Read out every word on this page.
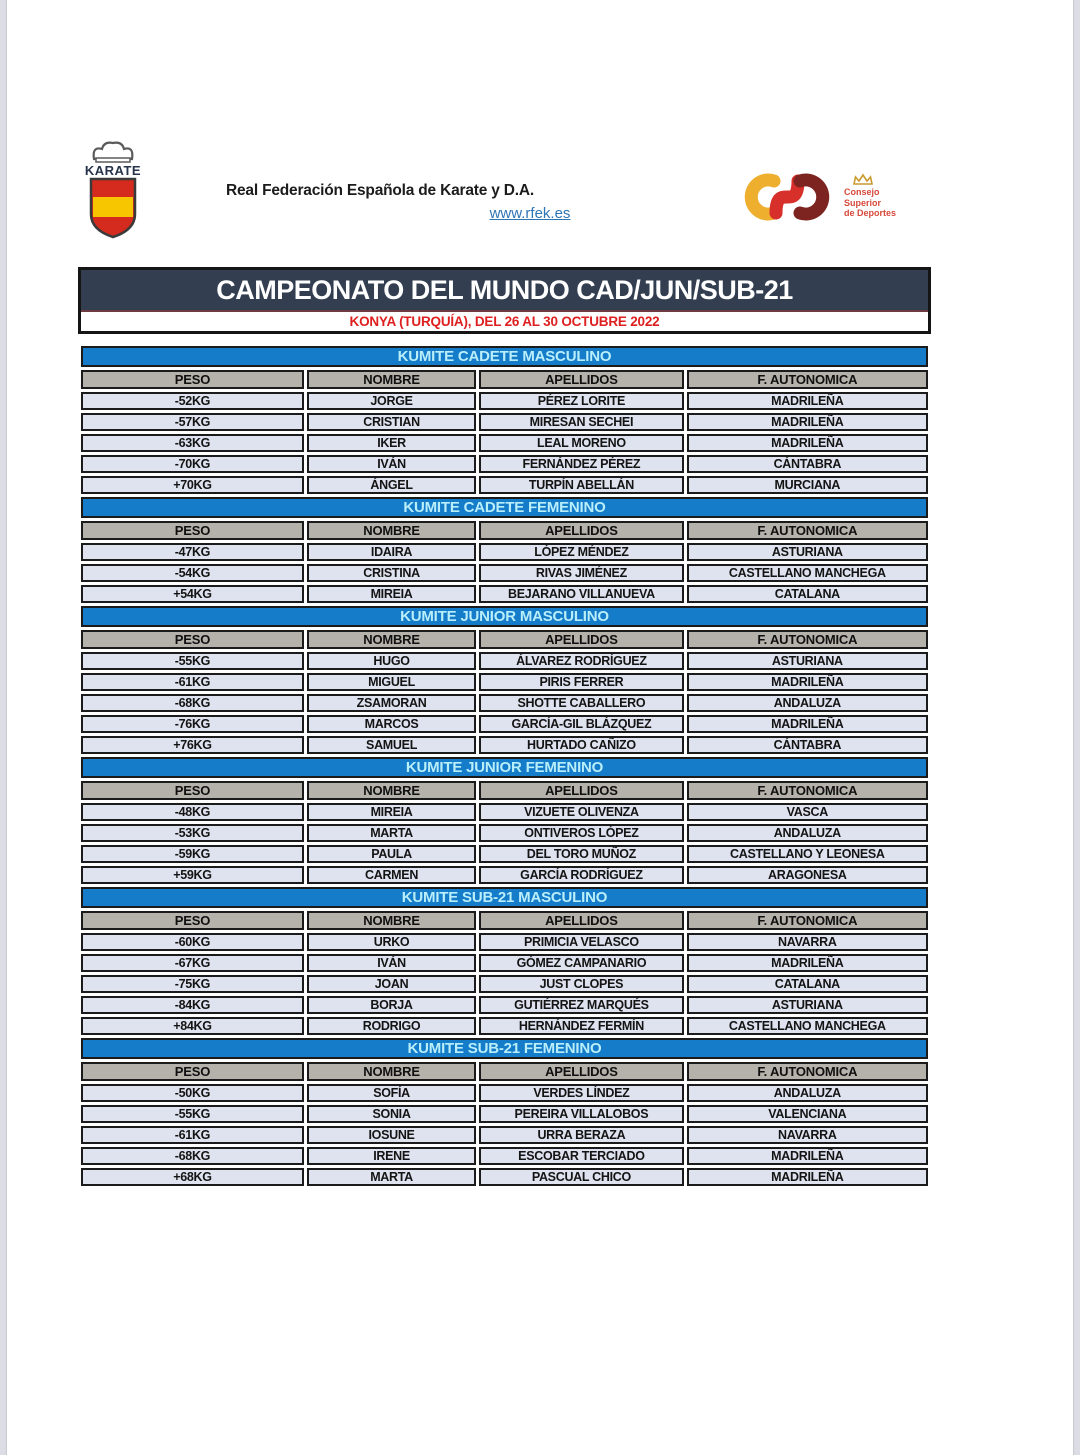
KARATE
Real Federación Española de Karate y D.A.
www.rfek.es
Consejo
Superior
de Deportes
CAMPEONATO DEL MUNDO CAD/JUN/SUB-21
KONYA (TURQUÍA), DEL 26 AL 30 OCTUBRE 2022
KUMITE CADETE MASCULINO			
PESO	NOMBRE	APELLIDOS	F. AUTONOMICA
-52KG	JORGE	PÉREZ LORITE	MADRILEÑA
-57KG	CRISTIAN	MIRESAN SECHEI	MADRILEÑA
-63KG	IKER	LEAL MORENO	MADRILEÑA
-70KG	IVÁN	FERNÁNDEZ PÉREZ	CÁNTABRA
+70KG	ÁNGEL	TURPÍN ABELLÁN	MURCIANA
KUMITE CADETE FEMENINO			
PESO	NOMBRE	APELLIDOS	F. AUTONOMICA
-47KG	IDAIRA	LÓPEZ MÉNDEZ	ASTURIANA
-54KG	CRISTINA	RIVAS JIMÉNEZ	CASTELLANO MANCHEGA
+54KG	MIREIA	BEJARANO VILLANUEVA	CATALANA
KUMITE JUNIOR MASCULINO			
PESO	NOMBRE	APELLIDOS	F. AUTONOMICA
-55KG	HUGO	ÁLVAREZ RODRÍGUEZ	ASTURIANA
-61KG	MIGUEL	PIRIS FERRER	MADRILEÑA
-68KG	ZSAMORAN	SHOTTE CABALLERO	ANDALUZA
-76KG	MARCOS	GARCÍA-GIL BLÁZQUEZ	MADRILEÑA
+76KG	SAMUEL	HURTADO CAÑIZO	CÁNTABRA
KUMITE JUNIOR FEMENINO			
PESO	NOMBRE	APELLIDOS	F. AUTONOMICA
-48KG	MIREIA	VIZUETE OLIVENZA	VASCA
-53KG	MARTA	ONTIVEROS LÓPEZ	ANDALUZA
-59KG	PAULA	DEL TORO MUÑOZ	CASTELLANO Y LEONESA
+59KG	CARMEN	GARCÍA RODRÍGUEZ	ARAGONESA
KUMITE SUB-21 MASCULINO			
PESO	NOMBRE	APELLIDOS	F. AUTONOMICA
-60KG	URKO	PRIMICIA VELASCO	NAVARRA
-67KG	IVÁN	GÓMEZ CAMPANARIO	MADRILEÑA
-75KG	JOAN	JUST CLOPES	CATALANA
-84KG	BORJA	GUTIÉRREZ MARQUÉS	ASTURIANA
+84KG	RODRIGO	HERNÁNDEZ FERMÍN	CASTELLANO MANCHEGA
KUMITE SUB-21 FEMENINO			
PESO	NOMBRE	APELLIDOS	F. AUTONOMICA
-50KG	SOFÍA	VERDES LÍNDEZ	ANDALUZA
-55KG	SONIA	PEREIRA VILLALOBOS	VALENCIANA
-61KG	IOSUNE	URRA BERAZA	NAVARRA
-68KG	IRENE	ESCOBAR TERCIADO	MADRILEÑA
+68KG	MARTA	PASCUAL CHICO	MADRILEÑA
